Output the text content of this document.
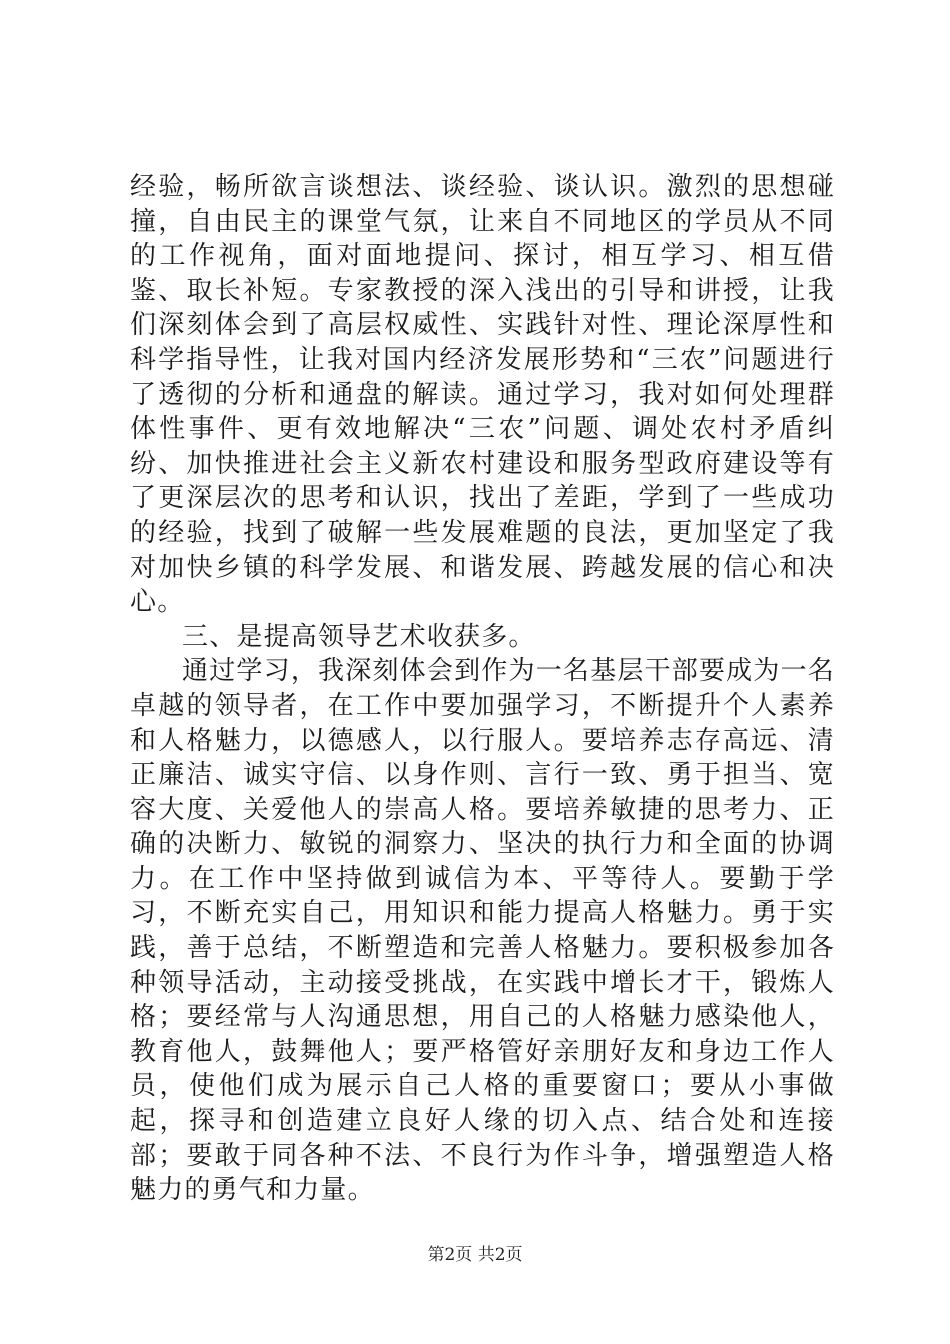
经验，畅所欲言谈想法、谈经验、谈认识。激烈的思想碰撞，自由民主的课堂气氛，让来自不同地区的学员从不同的工作视角，面对面地提问、探讨，相互学习、相互借鉴、取长补短。专家教授的深入浅出的引导和讲授，让我们深刻体会到了高层权威性、实践针对性、理论深厚性和科学指导性，让我对国内经济发展形势和“三农”问题进行了透彻的分析和通盘的解读。通过学习，我对如何处理群体性事件、更有效地解决“三农”问题、调处农村矛盾纠纷、加快推进社会主义新农村建设和服务型政府建设等有了更深层次的思考和认识，找出了差距，学到了一些成功的经验，找到了破解一些发展难题的良法，更加坚定了我对加快乡镇的科学发展、和谐发展、跨越发展的信心和决心。

三、是提高领导艺术收获多。

通过学习，我深刻体会到作为一名基层干部要成为一名卓越的领导者，在工作中要加强学习，不断提升个人素养和人格魅力，以德感人，以行服人。要培养志存高远、清正廉洁、诚实守信、以身作则、言行一致、勇于担当、宽容大度、关爱他人的崇高人格。要培养敏捷的思考力、正确的决断力、敏锐的洞察力、坚决的执行力和全面的协调力。在工作中坚持做到诚信为本、平等待人。要勤于学习，不断充实自己，用知识和能力提高人格魅力。勇于实践，善于总结，不断塑造和完善人格魅力。要积极参加各种领导活动，主动接受挑战，在实践中增长才干，锻炼人格；要经常与人沟通思想，用自己的人格魅力感染他人，教育他人，鼓舞他人；要严格管好亲朋好友和身边工作人员，使他们成为展示自己人格的重要窗口；要从小事做起，探寻和创造建立良好人缘的切入点、结合处和连接部；要敢于同各种不法、不良行为作斗争，增强塑造人格魅力的勇气和力量。

第2页 共2页
